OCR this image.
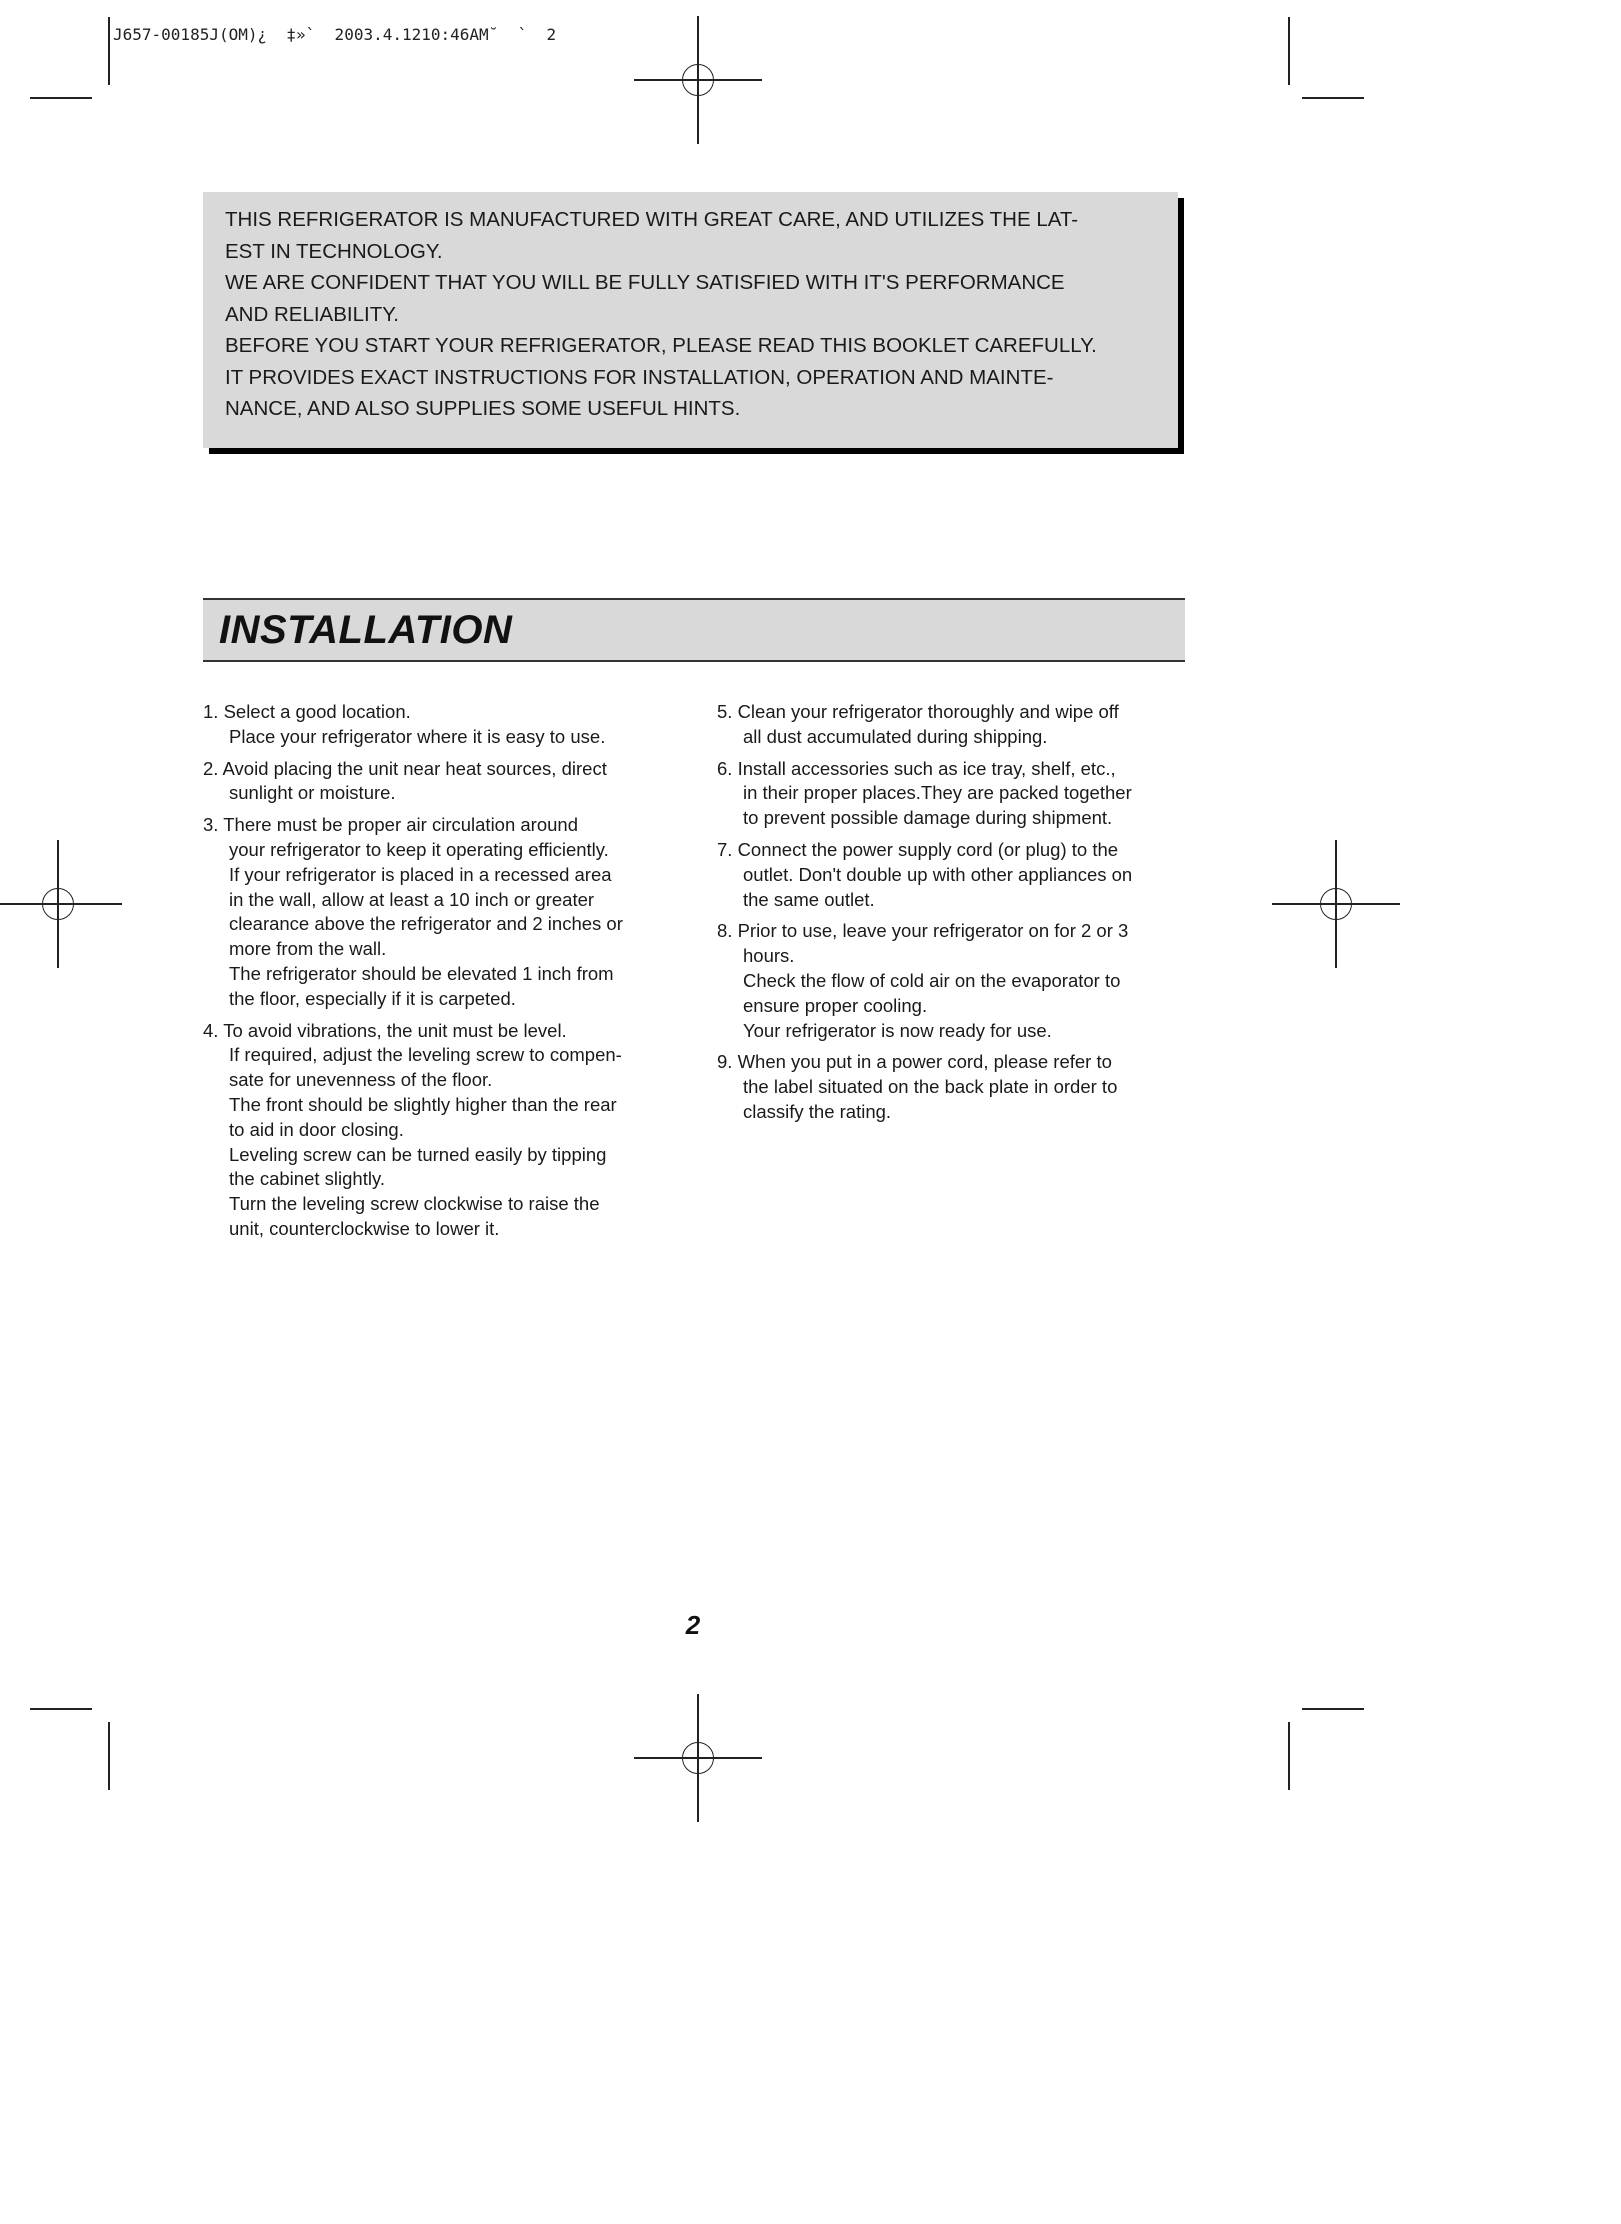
J657-00185J(OM)¿  ‡»`  2003.4.1210:46AM˘  `  2
THIS REFRIGERATOR IS MANUFACTURED WITH GREAT CARE, AND UTILIZES THE LAT-
EST IN TECHNOLOGY.
WE ARE CONFIDENT THAT YOU WILL BE FULLY SATISFIED WITH IT'S PERFORMANCE
AND RELIABILITY.
BEFORE YOU START YOUR REFRIGERATOR, PLEASE READ THIS BOOKLET CAREFULLY.
IT PROVIDES EXACT INSTRUCTIONS FOR INSTALLATION, OPERATION AND MAINTE-
NANCE, AND ALSO SUPPLIES SOME USEFUL HINTS.
INSTALLATION
1. Select a good location.
Place your refrigerator where it is easy to use.
2. Avoid placing the unit near heat sources, direct
sunlight or moisture.
3. There must be proper air circulation around
your refrigerator to keep it operating efficiently.
If your refrigerator is placed in a recessed area
in the wall, allow at least a 10 inch or greater
clearance above the refrigerator and 2 inches or
more from the wall.
The refrigerator should be elevated 1 inch from
the floor, especially if it is carpeted.
4. To avoid vibrations, the unit must be level.
If required, adjust the leveling screw to compen-
sate for unevenness of the floor.
The front should be slightly higher than the rear
to aid in door closing.
Leveling screw can be turned easily by tipping
the cabinet slightly.
Turn the leveling screw clockwise to raise the
unit, counterclockwise to lower it.
5. Clean your refrigerator thoroughly and wipe off
all dust accumulated during shipping.
6. Install accessories such as ice tray, shelf, etc.,
in their proper places.They are packed together
to prevent possible damage during shipment.
7. Connect the power supply cord (or plug) to the
outlet. Don't double up with other appliances on
the same outlet.
8. Prior to use, leave your refrigerator on for 2 or 3
hours.
Check the flow of cold air on the evaporator to
ensure proper cooling.
Your refrigerator is now ready for use.
9. When you put in a power cord, please refer to
the label situated on the back plate in order to
classify the rating.
2
